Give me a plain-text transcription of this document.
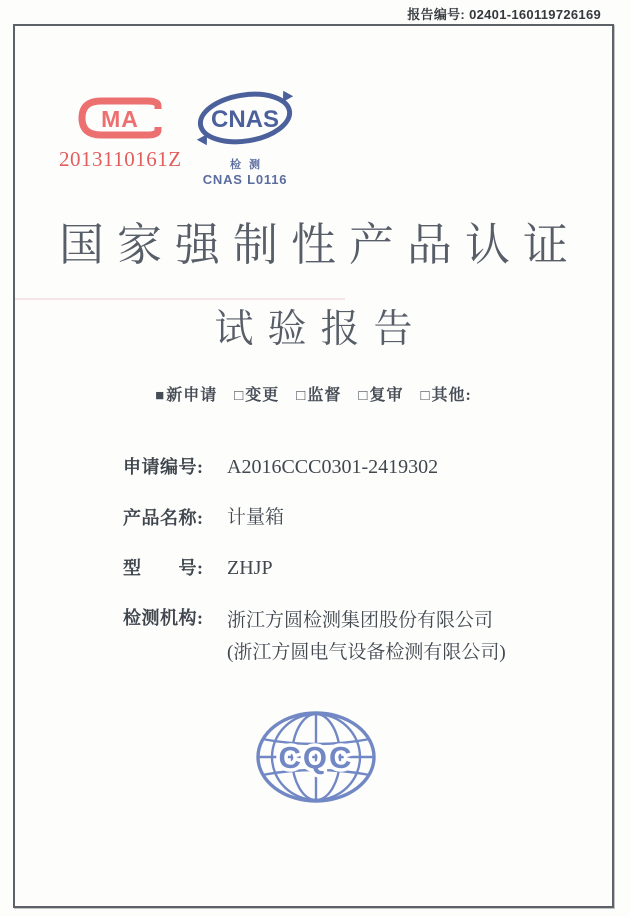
报告编号: 02401-160119726169
MA
2013110161Z
CNAS
检测
CNAS L0116
国家强制性产品认证
试验报告
■新申请 □变更 □监督 □复审 □其他:
申请编号:	A2016CCC0301-2419302
产品名称:	计量箱
型　　号:	ZHJP
检测机构:	浙江方圆检测集团股份有限公司
(浙江方圆电气设备检测有限公司)
CQC
